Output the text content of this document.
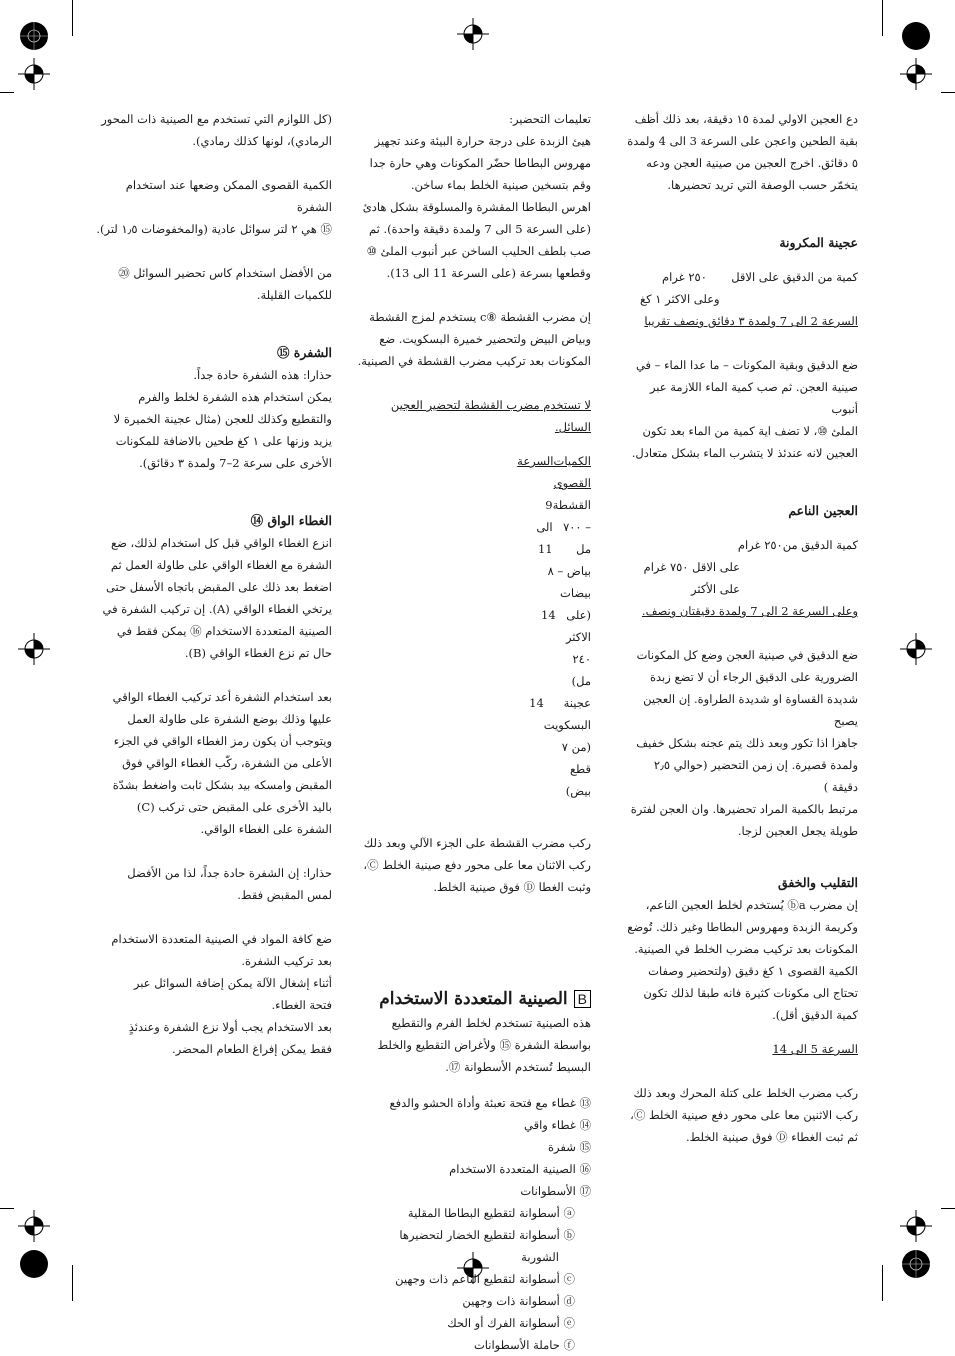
دع العجين الاولي لمدة ١٥ دقيقة، بعد ذلك أظف

بقية الطحين واعجن على السرعة 3 الى 4 ولمدة

٥ دقائق. اخرج العجين من صينية العجن ودعه

يتخمّر حسب الوصفة التي تريد تحضيرها.

عجينة المكرونة

كمية من الدقيق على الاقل
٢٥٠ غرام

وعلى الاكثر ١ كغ

السرعة 2 الى 7 ولمدة ٣ دقائق ونصف تقريبا

ضع الدقيق وبقية المكونات – ما عدا الماء – في

صينية العجن. ثم صب كمية الماء اللازمة عبر أنبوب

الملئ ⑩، لا تضف اية كمية من الماء بعد تكون

العجين لانه عندئذ لا يتشرب الماء بشكل متعادل.

العجين الناعم

كمية الدقيق من
٢٥٠ غرام

على الاقل ٧٥٠ غرام

على الأكثر

وعلى السرعة 2 الى 7 ولمدة دقيقتان ونصف.

ضع الدقيق في صينية العجن وضع كل المكونات

الضرورية على الدقيق الرجاء أن لا تضع زبدة

شديدة القساوة او شديدة الطراوة. إن العجين يصبح

جاهزا اذا تكور وبعد ذلك يتم عجنه بشكل خفيف

ولمدة قصيرة. إن زمن التحضير (حوالي ٢٫٥ دقيقة )

مرتبط بالكمية المراد تحضيرها. وان العجن لفترة

طويلة يجعل العجين لزجا.

التقليب والخفق

إن مضرب ⓑa يُستخدم لخلط العجين الناعم،

وكريمة الزبدة ومهروس البطاطا وغير ذلك. تُوضع

المكونات بعد تركيب مضرب الخلط في الصينية.

الكمية القصوى ١ كغ دقيق (ولتحضير وصفات

تحتاج الى مكونات كثيرة فانه طبقا لذلك تكون

كمية الدقيق أقل).

السرعة 5 الى 14

ركب مضرب الخلط على كتلة المحرك وبعد ذلك

ركب الاثنين معا على محور دفع صينية الخلط Ⓒ،

ثم ثبت الغطاء Ⓓ فوق صينية الخلط.

تعليمات التحضير:

هيئ الزبدة على درجة حرارة البيئة وعند تجهيز

مهروس البطاطا حضّر المكونات وهي حارة جدا

وقم بتسخين صينية الخلط بماء ساخن.

اهرس البطاطا المقشرة والمسلوقة بشكل هادئ

(على السرعة 5 الى 7 ولمدة دقيقة واحدة). ثم

صب بلطف الحليب الساخن عبر أنبوب الملئ ⑩

وقطعها بسرعة (على السرعة 11 الى 13).

إن مضرب القشطة ⑧c يستخدم لمزج القشطة

وبياض البيض ولتحضير خميرة البسكويت. ضع

المكونات بعد تركيب مضرب القشطة في الصينية.

لا تستخدم مضرب القشطة لتحضير العجين

السائل.

الكميات القصوى
السرعة
القشطة – ٧٠٠ مل
9 الى 11
بياض – ٨ بيضات
(على الاكثر ٢٤٠ مل)
14
عجينة البسكويت (من ٧ قطع بيض)
14

ركب مضرب القشطة على الجزء الآلي وبعد ذلك

ركب الاثنان معا على محور دفع صينية الخلط Ⓒ،

وثبت الغطا Ⓓ فوق صينية الخلط.

B
الصينية المتعددة الاستخدام

هذه الصينية تستخدم لخلط الفرم والتقطيع

بواسطة الشفرة ⑮ ولأغراض التقطيع والخلط

البسيط تُستخدم الأسطوانة ⑰.

⑬ غطاء مع فتحة تعبئة وأداة الحشو والدفع
⑭ غطاء واقي
⑮ شفرة
⑯ الصينية المتعددة الاستخدام
⑰ الأسطوانات
ⓐ أسطوانة لتقطيع البطاطا المقلية
ⓑ أسطوانة لتقطيع الخضار لتحضيرها
الشوربة
ⓒ أسطوانة لتقطيع الناعم ذات وجهين
ⓓ أسطوانة ذات وجهين
ⓔ أسطوانة الفرك أو الحك
ⓕ حاملة الأسطوانات

(كل اللوازم التي تستخدم مع الصينية ذات المحور

الرمادي)، لونها كذلك رمادي).

الكمية القصوى الممكن وضعها عند استخدام الشفرة

⑮ هي ٢ لتر سوائل عادية (والمخفوضات ١٫٥ لتر).

من الأفضل استخدام كاس تحضير السوائل ⑳

للكميات القليلة.

الشفرة ⑮

حذارا: هذه الشفرة حادة جداً.

يمكن استخدام هذه الشفرة لخلط والفرم

والتقطيع وكذلك للعجن (مثال عجينة الخميرة لا

يزيد وزنها على ١ كغ طحين بالاضافة للمكونات

الأخرى على سرعة 2–7 ولمدة ٣ دقائق).

الغطاء الواق ⑭

انزع الغطاء الواقي قبل كل استخدام لذلك، ضع

الشفرة مع الغطاء الواقي على طاولة العمل ثم

اضغط بعد ذلك على المقبض باتجاه الأسفل حتى

يرتخي الغطاء الواقي (A). إن تركيب الشفرة في

الصينية المتعددة الاستخدام ⑯ يمكن فقط في

حال تم نزع الغطاء الواقي (B).

بعد استخدام الشفرة أعد تركيب الغطاء الواقي

عليها وذلك بوضع الشفرة على طاولة العمل

ويتوجب أن يكون رمز الغطاء الواقي في الجزء

الأعلى من الشفرة، ركّب الغطاء الواقي فوق

المقبض وامسكه بيد بشكل ثابت واضغط بشدّة

باليد الأخرى على المقبض حتى تركب (C)

الشفرة على الغطاء الواقي.

حذارا: إن الشفرة حادة جداً، لذا من الأفضل

لمس المقبض فقط.

ضع كافة المواد في الصينية المتعددة الاستخدام

بعد تركيب الشفرة.

أثناء إشغال الآلة يمكن إضافة السوائل عبر

فتحة الغطاء.

بعد الاستخدام يجب أولا نزع الشفرة وعندئذٍ

فقط يمكن إفراغ الطعام المحضر.
